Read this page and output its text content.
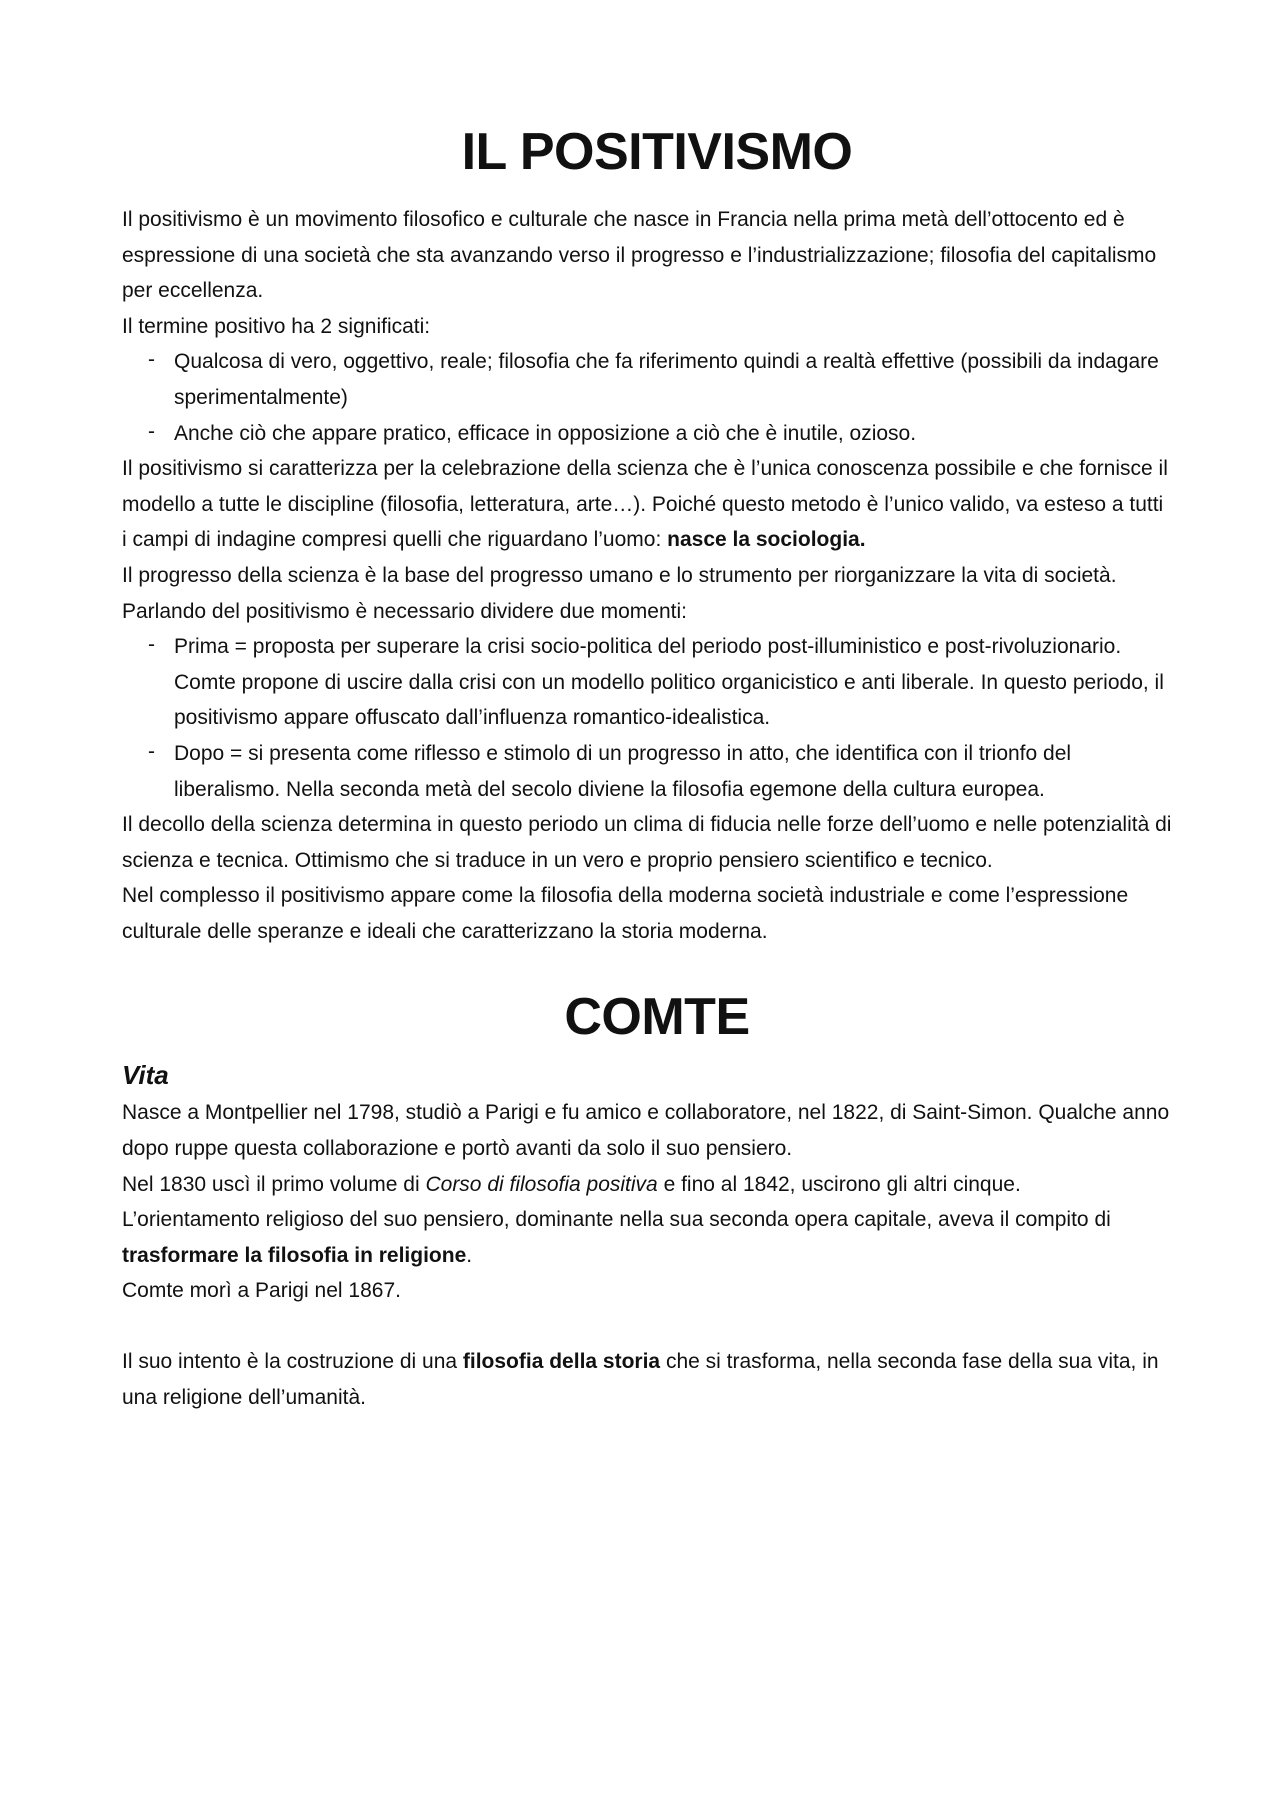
IL POSITIVISMO

Il positivismo è un movimento filosofico e culturale che nasce in Francia nella prima metà dell’ottocento ed è espressione di una società che sta avanzando verso il progresso e l’industrializzazione; filosofia del capitalismo per eccellenza.

Il termine positivo ha 2 significati:

- Qualcosa di vero, oggettivo, reale; filosofia che fa riferimento quindi a realtà effettive (possibili da indagare sperimentalmente)
- Anche ciò che appare pratico, efficace in opposizione a ciò che è inutile, ozioso.

Il positivismo si caratterizza per la celebrazione della scienza che è l’unica conoscenza possibile e che fornisce il modello a tutte le discipline (filosofia, letteratura, arte…). Poiché questo metodo è l’unico valido, va esteso a tutti i campi di indagine compresi quelli che riguardano l’uomo: nasce la sociologia.

Il progresso della scienza è la base del progresso umano e lo strumento per riorganizzare la vita di società.

Parlando del positivismo è necessario dividere due momenti:

- Prima = proposta per superare la crisi socio-politica del periodo post-illuministico e post-rivoluzionario. Comte propone di uscire dalla crisi con un modello politico organicistico e anti liberale. In questo periodo, il positivismo appare offuscato dall’influenza romantico-idealistica.
- Dopo = si presenta come riflesso e stimolo di un progresso in atto, che identifica con il trionfo del liberalismo. Nella seconda metà del secolo diviene la filosofia egemone della cultura europea.

Il decollo della scienza determina in questo periodo un clima di fiducia nelle forze dell’uomo e nelle potenzialità di scienza e tecnica. Ottimismo che si traduce in un vero e proprio pensiero scientifico e tecnico.

Nel complesso il positivismo appare come la filosofia della moderna società industriale e come l’espressione culturale delle speranze e ideali che caratterizzano la storia moderna.

COMTE
Vita

Nasce a Montpellier nel 1798, studiò a Parigi e fu amico e collaboratore, nel 1822, di Saint-Simon. Qualche anno dopo ruppe questa collaborazione e portò avanti da solo il suo pensiero.

Nel 1830 uscì il primo volume di Corso di filosofia positiva e fino al 1842, uscirono gli altri cinque.

L’orientamento religioso del suo pensiero, dominante nella sua seconda opera capitale, aveva il compito di trasformare la filosofia in religione.

Comte morì a Parigi nel 1867.

Il suo intento è la costruzione di una filosofia della storia che si trasforma, nella seconda fase della sua vita, in una religione dell’umanità.
